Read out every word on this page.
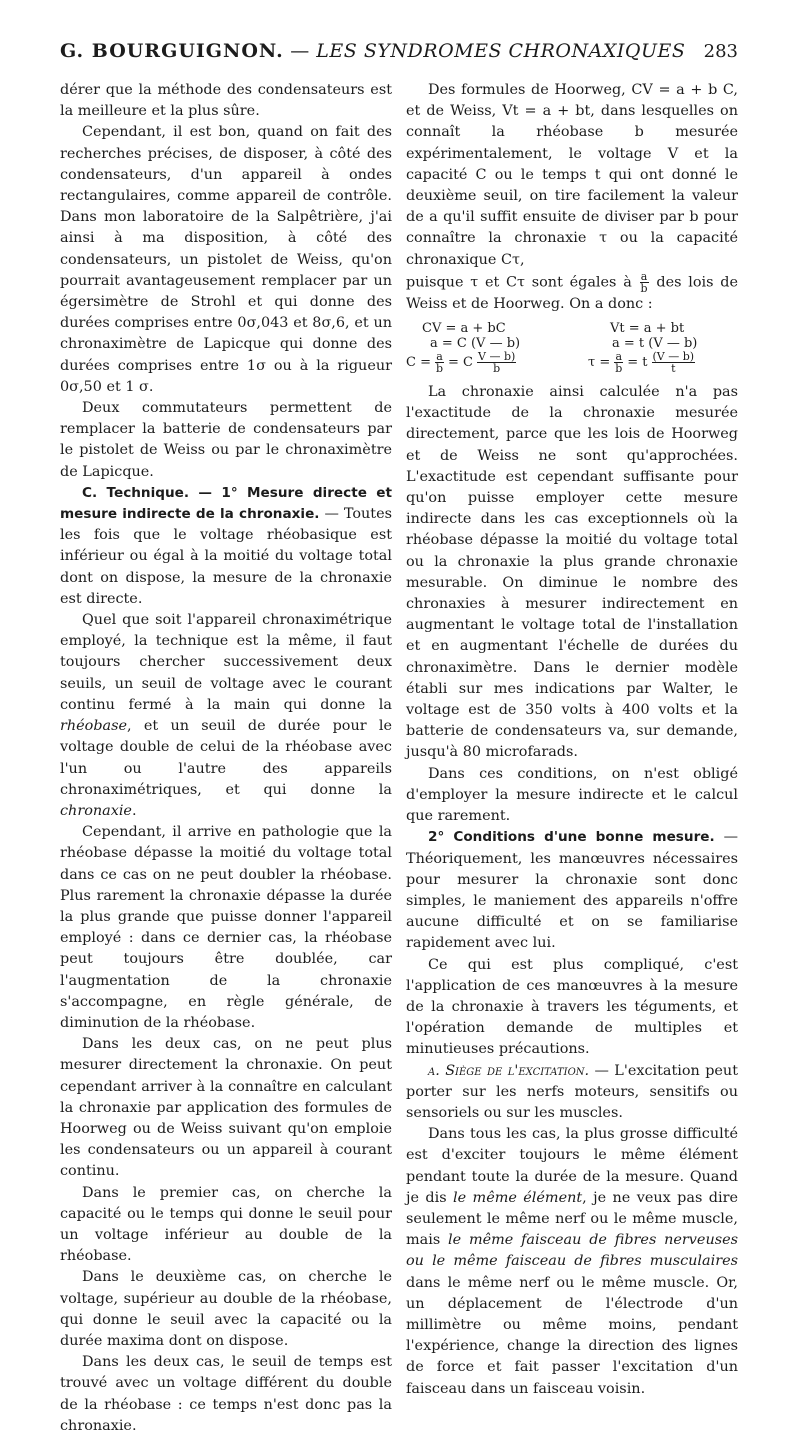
G. BOURGUIGNON. — LES SYNDROMES CHRONAXIQUES 283

dérer que la méthode des condensateurs est la meilleure et la plus sûre.

Cependant, il est bon, quand on fait des recherches précises, de disposer, à côté des condensateurs, d'un appareil à ondes rectangulaires, comme appareil de contrôle. Dans mon laboratoire de la Salpêtrière, j'ai ainsi à ma disposition, à côté des condensateurs, un pistolet de Weiss, qu'on pourrait avantageusement remplacer par un égersimètre de Strohl et qui donne des durées comprises entre 0σ,043 et 8σ,6, et un chronaximètre de Lapicque qui donne des durées comprises entre 1σ ou à la rigueur 0σ,50 et 1 σ.

Deux commutateurs permettent de remplacer la batterie de condensateurs par le pistolet de Weiss ou par le chronaximètre de Lapicque.

C. Technique. — 1° Mesure directe et mesure indirecte de la chronaxie. — Toutes les fois que le voltage rhéobasique est inférieur ou égal à la moitié du voltage total dont on dispose, la mesure de la chronaxie est directe.

Quel que soit l'appareil chronaximétrique employé, la technique est la même, il faut toujours chercher successivement deux seuils, un seuil de voltage avec le courant continu fermé à la main qui donne la rhéobase, et un seuil de durée pour le voltage double de celui de la rhéobase avec l'un ou l'autre des appareils chronaximétriques, et qui donne la chronaxie.

Cependant, il arrive en pathologie que la rhéobase dépasse la moitié du voltage total dans ce cas on ne peut doubler la rhéobase. Plus rarement la chronaxie dépasse la durée la plus grande que puisse donner l'appareil employé : dans ce dernier cas, la rhéobase peut toujours être doublée, car l'augmentation de la chronaxie s'accompagne, en règle générale, de diminution de la rhéobase.

Dans les deux cas, on ne peut plus mesurer directement la chronaxie. On peut cependant arriver à la connaître en calculant la chronaxie par application des formules de Hoorweg ou de Weiss suivant qu'on emploie les condensateurs ou un appareil à courant continu.

Dans le premier cas, on cherche la capacité ou le temps qui donne le seuil pour un voltage inférieur au double de la rhéobase.

Dans le deuxième cas, on cherche le voltage, supérieur au double de la rhéobase, qui donne le seuil avec la capacité ou la durée maxima dont on dispose.

Dans les deux cas, le seuil de temps est trouvé avec un voltage différent du double de la rhéobase : ce temps n'est donc pas la chronaxie.

Des formules de Hoorweg, CV = a + b C, et de Weiss, Vt = a + bt, dans lesquelles on connaît la rhéobase b mesurée expérimentalement, le voltage V et la capacité C ou le temps t qui ont donné le deuxième seuil, on tire facilement la valeur de a qu'il suffit ensuite de diviser par b pour connaître la chronaxie τ ou la capacité chronaxique Cτ,

puisque τ et Cτ sont égales à $\frac{a}{b}$ des lois de Weiss et de Hoorweg. On a donc :

CV = a + bC
a = C (V — b)
$C = \frac{a}{b} = C \frac{V — b)}{b}$
Vt = a + bt
a = t (V — b)
$\tau = \frac{a}{b} = t \frac{(V — b)}{t}$

La chronaxie ainsi calculée n'a pas l'exactitude de la chronaxie mesurée directement, parce que les lois de Hoorweg et de Weiss ne sont qu'approchées. L'exactitude est cependant suffisante pour qu'on puisse employer cette mesure indirecte dans les cas exceptionnels où la rhéobase dépasse la moitié du voltage total ou la chronaxie la plus grande chronaxie mesurable. On diminue le nombre des chronaxies à mesurer indirectement en augmentant le voltage total de l'installation et en augmentant l'échelle de durées du chronaximètre. Dans le dernier modèle établi sur mes indications par Walter, le voltage est de 350 volts à 400 volts et la batterie de condensateurs va, sur demande, jusqu'à 80 microfarads.

Dans ces conditions, on n'est obligé d'employer la mesure indirecte et le calcul que rarement.

2° Conditions d'une bonne mesure. — Théoriquement, les manœuvres nécessaires pour mesurer la chronaxie sont donc simples, le maniement des appareils n'offre aucune difficulté et on se familiarise rapidement avec lui.

Ce qui est plus compliqué, c'est l'application de ces manœuvres à la mesure de la chronaxie à travers les téguments, et l'opération demande de multiples et minutieuses précautions.

a. Siège de l'excitation. — L'excitation peut porter sur les nerfs moteurs, sensitifs ou sensoriels ou sur les muscles.

Dans tous les cas, la plus grosse difficulté est d'exciter toujours le même élément pendant toute la durée de la mesure. Quand je dis le même élément, je ne veux pas dire seulement le même nerf ou le même muscle, mais le même faisceau de fibres nerveuses ou le même faisceau de fibres musculaires dans le même nerf ou le même muscle. Or, un déplacement de l'électrode d'un millimètre ou même moins, pendant l'expérience, change la direction des lignes de force et fait passer l'excitation d'un faisceau dans un faisceau voisin.
